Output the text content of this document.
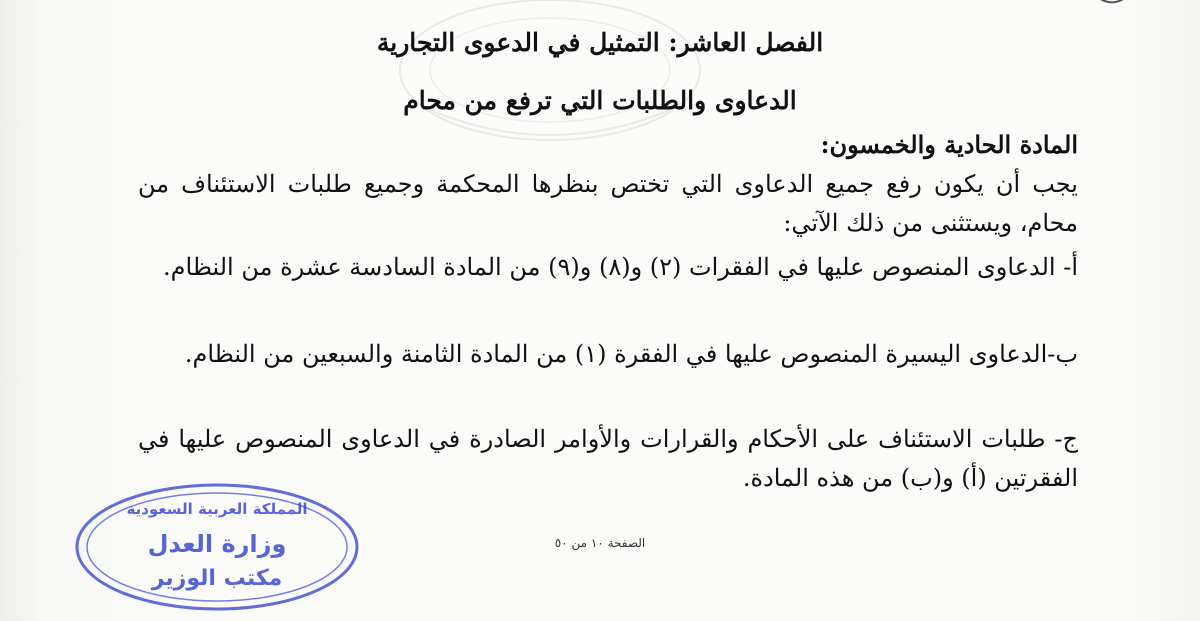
الفصل العاشر: التمثيل في الدعوى التجارية
الدعاوى والطلبات التي ترفع من محام
المادة الحادية والخمسون:
يجب أن يكون رفع جميع الدعاوى التي تختص بنظرها المحكمة وجميع طلبات الاستئناف من محام، ويستثنى من ذلك الآتي:
أ- الدعاوى المنصوص عليها في الفقرات (٢) و(٨) و(٩) من المادة السادسة عشرة من النظام.
ب-الدعاوى اليسيرة المنصوص عليها في الفقرة (١) من المادة الثامنة والسبعين من النظام.
ج- طلبات الاستئناف على الأحكام والقرارات والأوامر الصادرة في الدعاوى المنصوص عليها في الفقرتين (أ) و(ب) من هذه المادة.
الصفحة ١٠ من ٥٠
المملكة العربية السعودية
وزارة العدل
مكتب الوزير
